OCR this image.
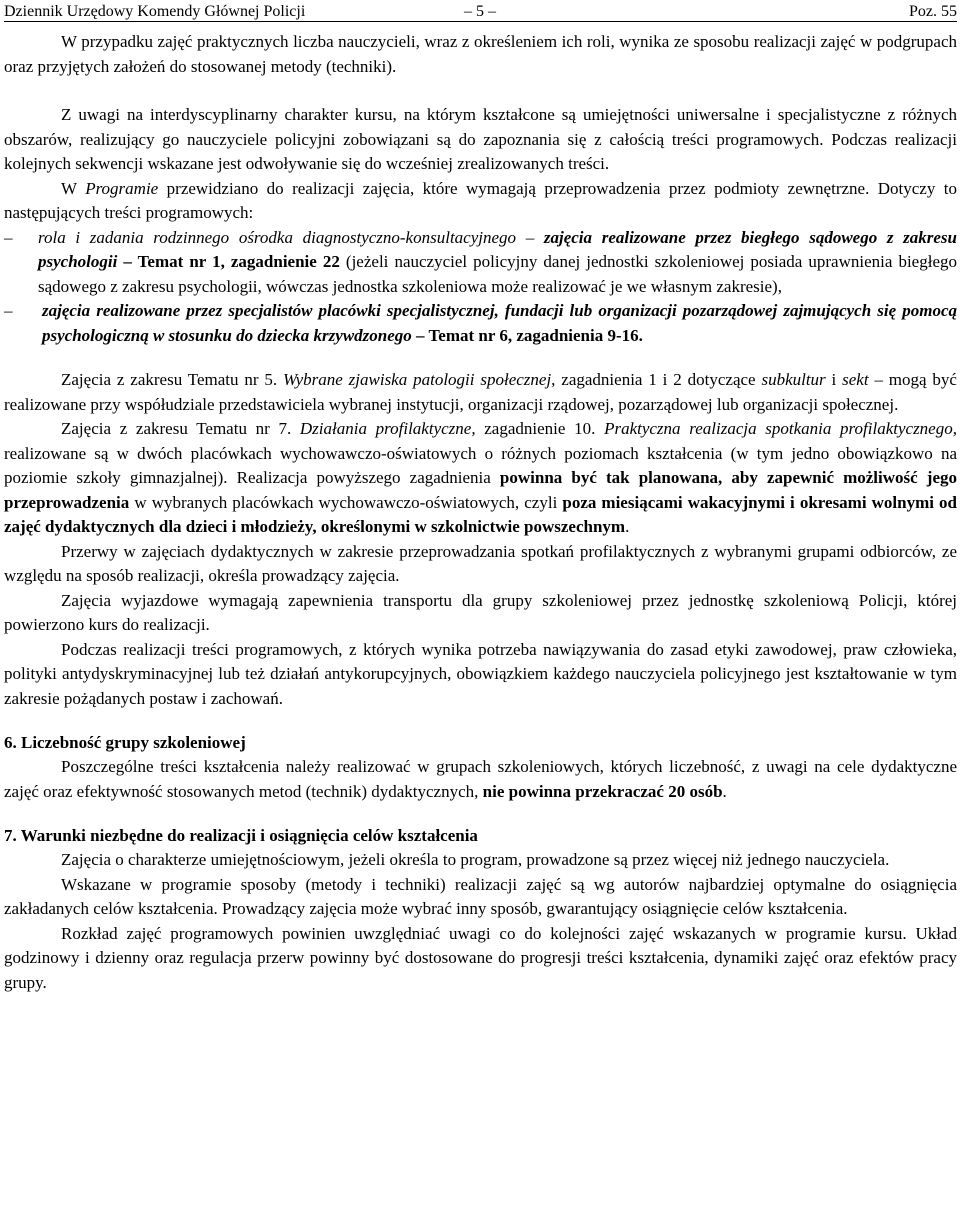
Dziennik Urzędowy Komendy Głównej Policji	– 5 –	Poz. 55

W przypadku zajęć praktycznych liczba nauczycieli, wraz z określeniem ich roli, wynika ze sposobu realizacji zajęć w podgrupach oraz przyjętych założeń do stosowanej metody (techniki).

Z uwagi na interdyscyplinarny charakter kursu, na którym kształcone są umiejętności uniwersalne i specjalistyczne z różnych obszarów, realizujący go nauczyciele policyjni zobowiązani są do zapoznania się z całością treści programowych. Podczas realizacji kolejnych sekwencji wskazane jest odwoływanie się do wcześniej zrealizowanych treści.

W Programie przewidziano do realizacji zajęcia, które wymagają przeprowadzenia przez podmioty zewnętrzne. Dotyczy to następujących treści programowych:

– rola i zadania rodzinnego ośrodka diagnostyczno-konsultacyjnego – zajęcia realizowane przez biegłego sądowego z zakresu psychologii – Temat nr 1, zagadnienie 22 (jeżeli nauczyciel policyjny danej jednostki szkoleniowej posiada uprawnienia biegłego sądowego z zakresu psychologii, wówczas jednostka szkoleniowa może realizować je we własnym zakresie),
– zajęcia realizowane przez specjalistów placówki specjalistycznej, fundacji lub organizacji pozarządowej zajmujących się pomocą psychologiczną w stosunku do dziecka krzywdzonego – Temat nr 6, zagadnienia 9-16.

Zajęcia z zakresu Tematu nr 5. Wybrane zjawiska patologii społecznej, zagadnienia 1 i 2 dotyczące subkultur i sekt – mogą być realizowane przy współudziale przedstawiciela wybranej instytucji, organizacji rządowej, pozarządowej lub organizacji społecznej.

Zajęcia z zakresu Tematu nr 7. Działania profilaktyczne, zagadnienie 10. Praktyczna realizacja spotkania profilaktycznego, realizowane są w dwóch placówkach wychowawczo-oświatowych o różnych poziomach kształcenia (w tym jedno obowiązkowo na poziomie szkoły gimnazjalnej). Realizacja powyższego zagadnienia powinna być tak planowana, aby zapewnić możliwość jego przeprowadzenia w wybranych placówkach wychowawczo-oświatowych, czyli poza miesiącami wakacyjnymi i okresami wolnymi od zajęć dydaktycznych dla dzieci i młodzieży, określonymi w szkolnictwie powszechnym.

Przerwy w zajęciach dydaktycznych w zakresie przeprowadzania spotkań profilaktycznych z wybranymi grupami odbiorców, ze względu na sposób realizacji, określa prowadzący zajęcia.

Zajęcia wyjazdowe wymagają zapewnienia transportu dla grupy szkoleniowej przez jednostkę szkoleniową Policji, której powierzono kurs do realizacji.

Podczas realizacji treści programowych, z których wynika potrzeba nawiązywania do zasad etyki zawodowej, praw człowieka, polityki antydyskryminacyjnej lub też działań antykorupcyjnych, obowiązkiem każdego nauczyciela policyjnego jest kształtowanie w tym zakresie pożądanych postaw i zachowań.

6. Liczebność grupy szkoleniowej

Poszczególne treści kształcenia należy realizować w grupach szkoleniowych, których liczebność, z uwagi na cele dydaktyczne zajęć oraz efektywność stosowanych metod (technik) dydaktycznych, nie powinna przekraczać 20 osób.

7. Warunki niezbędne do realizacji i osiągnięcia celów kształcenia

Zajęcia o charakterze umiejętnościowym, jeżeli określa to program, prowadzone są przez więcej niż jednego nauczyciela.

Wskazane w programie sposoby (metody i techniki) realizacji zajęć są wg autorów najbardziej optymalne do osiągnięcia zakładanych celów kształcenia. Prowadzący zajęcia może wybrać inny sposób, gwarantujący osiągnięcie celów kształcenia.

Rozkład zajęć programowych powinien uwzględniać uwagi co do kolejności zajęć wskazanych w programie kursu. Układ godzinowy i dzienny oraz regulacja przerw powinny być dostosowane do progresji treści kształcenia, dynamiki zajęć oraz efektów pracy grupy.
